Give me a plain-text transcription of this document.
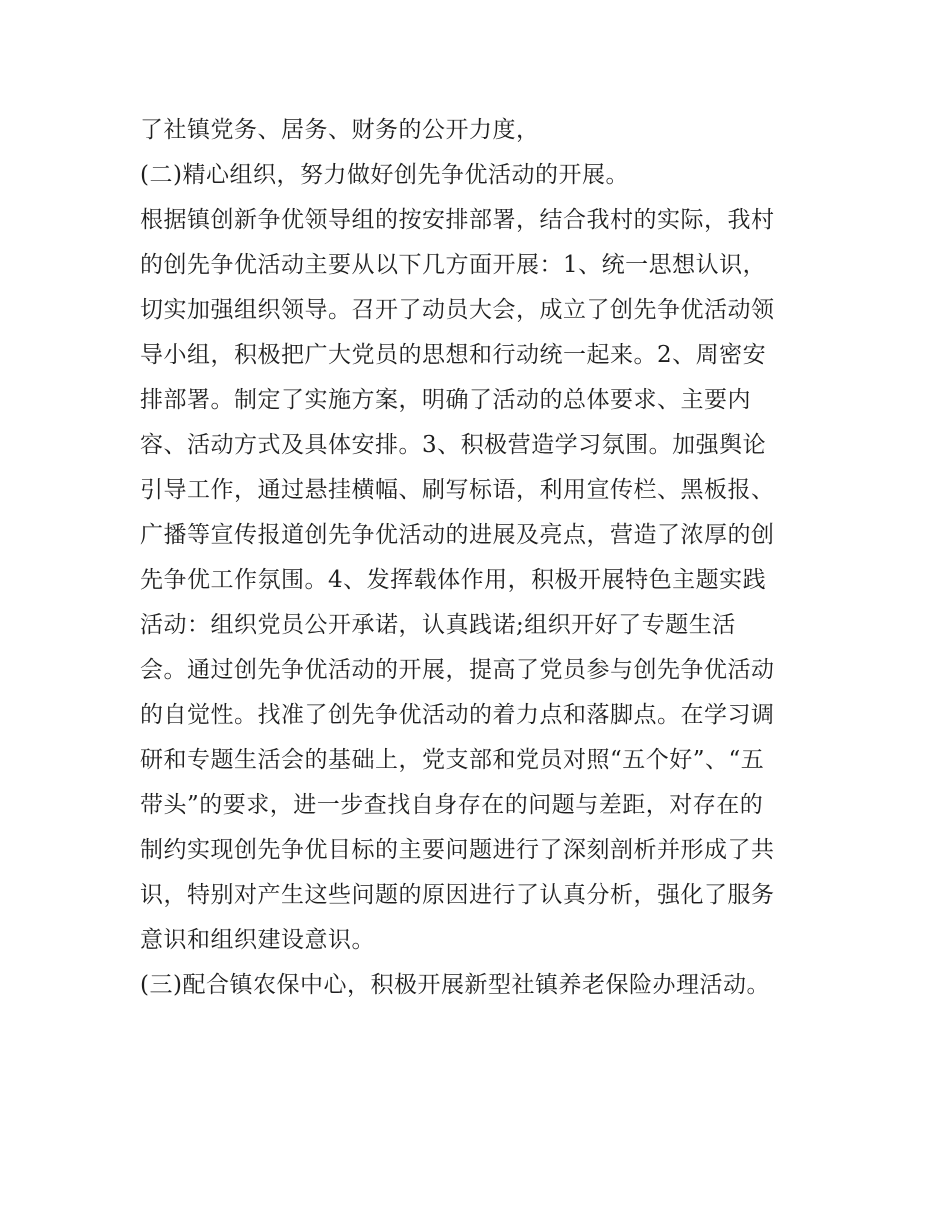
了社镇党务、居务、财务的公开力度，
(二)精心组织，努力做好创先争优活动的开展。
根据镇创新争优领导组的按安排部署，结合我村的实际，我村
的创先争优活动主要从以下几方面开展：1、统一思想认识，
切实加强组织领导。召开了动员大会，成立了创先争优活动领
导小组，积极把广大党员的思想和行动统一起来。2、周密安
排部署。制定了实施方案，明确了活动的总体要求、主要内
容、活动方式及具体安排。3、积极营造学习氛围。加强舆论
引导工作，通过悬挂横幅、刷写标语，利用宣传栏、黑板报、
广播等宣传报道创先争优活动的进展及亮点，营造了浓厚的创
先争优工作氛围。4、发挥载体作用，积极开展特色主题实践
活动：组织党员公开承诺，认真践诺;组织开好了专题生活
会。通过创先争优活动的开展，提高了党员参与创先争优活动
的自觉性。找准了创先争优活动的着力点和落脚点。在学习调
研和专题生活会的基础上，党支部和党员对照“五个好”、“五
带头”的要求，进一步查找自身存在的问题与差距，对存在的
制约实现创先争优目标的主要问题进行了深刻剖析并形成了共
识，特别对产生这些问题的原因进行了认真分析，强化了服务
意识和组织建设意识。
(三)配合镇农保中心，积极开展新型社镇养老保险办理活动。
